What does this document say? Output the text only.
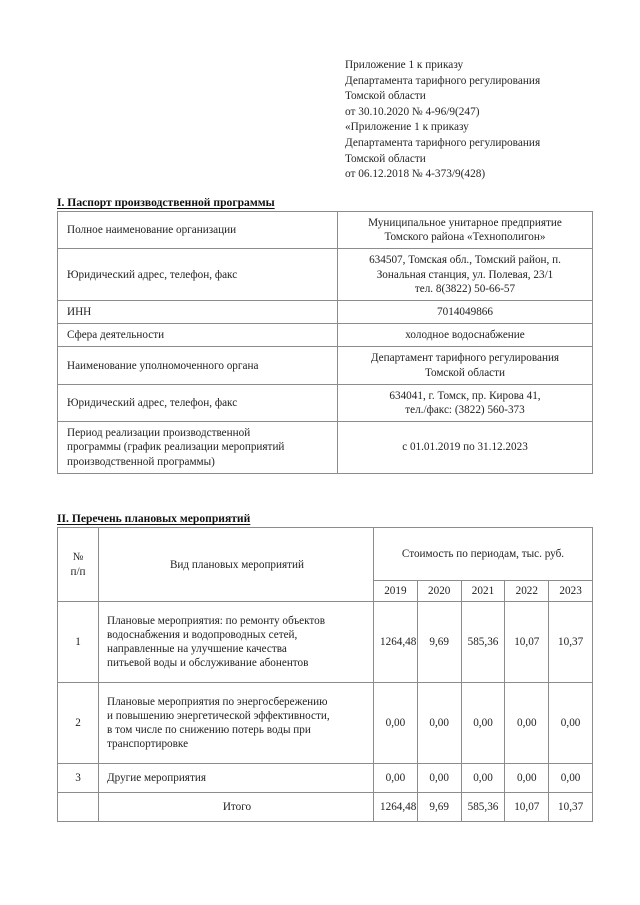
Приложение 1 к приказу
Департамента тарифного регулирования
Томской области
от 30.10.2020 № 4-96/9(247)
«Приложение 1 к приказу
Департамента тарифного регулирования
Томской области
от 06.12.2018 № 4-373/9(428)
I. Паспорт производственной программы
Полное наименование организации	Муниципальное унитарное предприятие
Томского района «Технополигон»
Юридический адрес, телефон, факс	634507, Томская обл., Томский район, п.
Зональная станция, ул. Полевая, 23/1
тел. 8(3822) 50-66-57
ИНН	7014049866
Сфера деятельности	холодное водоснабжение
Наименование уполномоченного органа	Департамент тарифного регулирования
Томской области
Юридический адрес, телефон, факс	634041, г. Томск, пр. Кирова 41,
тел./факс: (3822) 560-373
Период реализации производственной
программы (график реализации мероприятий
производственной программы)	с 01.01.2019 по 31.12.2023
II. Перечень плановых мероприятий
№
п/п	Вид плановых мероприятий	Стоимость по периодам, тыс. руб.				
		2019	2020	2021	2022	2023
1	Плановые мероприятия: по ремонту объектов
водоснабжения и водопроводных сетей,
направленные на улучшение качества
питьевой воды и обслуживание абонентов	1264,48	9,69	585,36	10,07	10,37
2	Плановые мероприятия по энергосбережению
и повышению энергетической эффективности,
в том числе по снижению потерь воды при
транспортировке	0,00	0,00	0,00	0,00	0,00
3	Другие мероприятия	0,00	0,00	0,00	0,00	0,00
	Итого	1264,48	9,69	585,36	10,07	10,37
